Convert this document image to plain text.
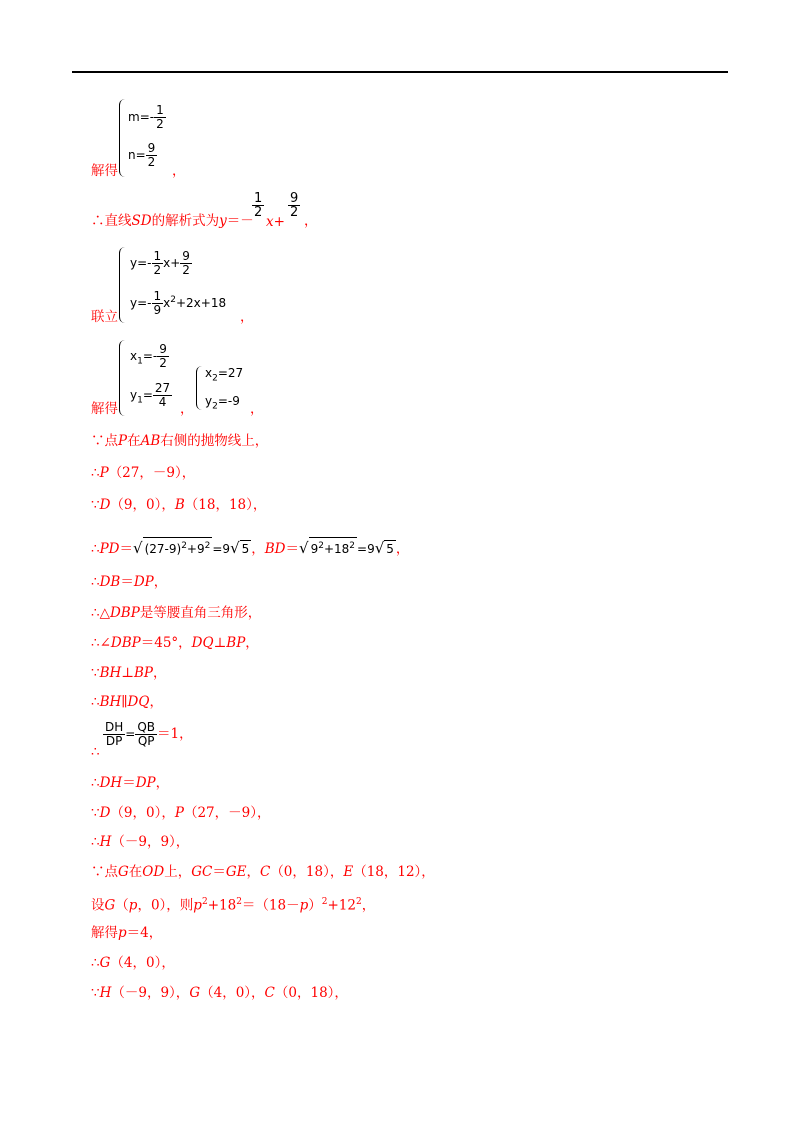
$m=- \frac{1}{2}$
$n= \frac{9}{2}$
解得	，
∴直线SD的解析式为y＝－
$\frac{1}{2}$
x+
$\frac{9}{2}$
，
$y=- \frac{1}{2} x+ \frac{9}{2}$
$y=- \frac{1}{9} x^2+2x+18$
联立	，
$x_1=- \frac{9}{2}$
$y_1= \frac{27}{4}$
解得	，
$x_2=27$
$y_2=-9$ ，
∵点P在AB右侧的抛物线上，
∴P（27，－9），
∵D（9，0），B（18，18），
∴PD＝√ $(27-9)^2+9^2 =9√$ 5 ，BD＝√ $9^2+18^2 =9√$ 5 ，
∴DB＝DP，
∴△DBP是等腰直角三角形，
∴∠DBP＝45°，DQ⊥BP，
∵BH⊥BP，
∴BH∥DQ，
∴
$\frac{DH}{DP} = \frac{QB}{QP} =1$，
∴DH＝DP，
∵D（9，0），P（27，－9），
∴H（－9，9），
∵点G在OD上，GC＝GE，C（0，18），E（18，12），
设G（p，0），则$p^2+18^2=(18-p)^2+12^2$，
解得p＝4，
∴G（4，0），
∵H（－9，9），G（4，0），C（0，18），
